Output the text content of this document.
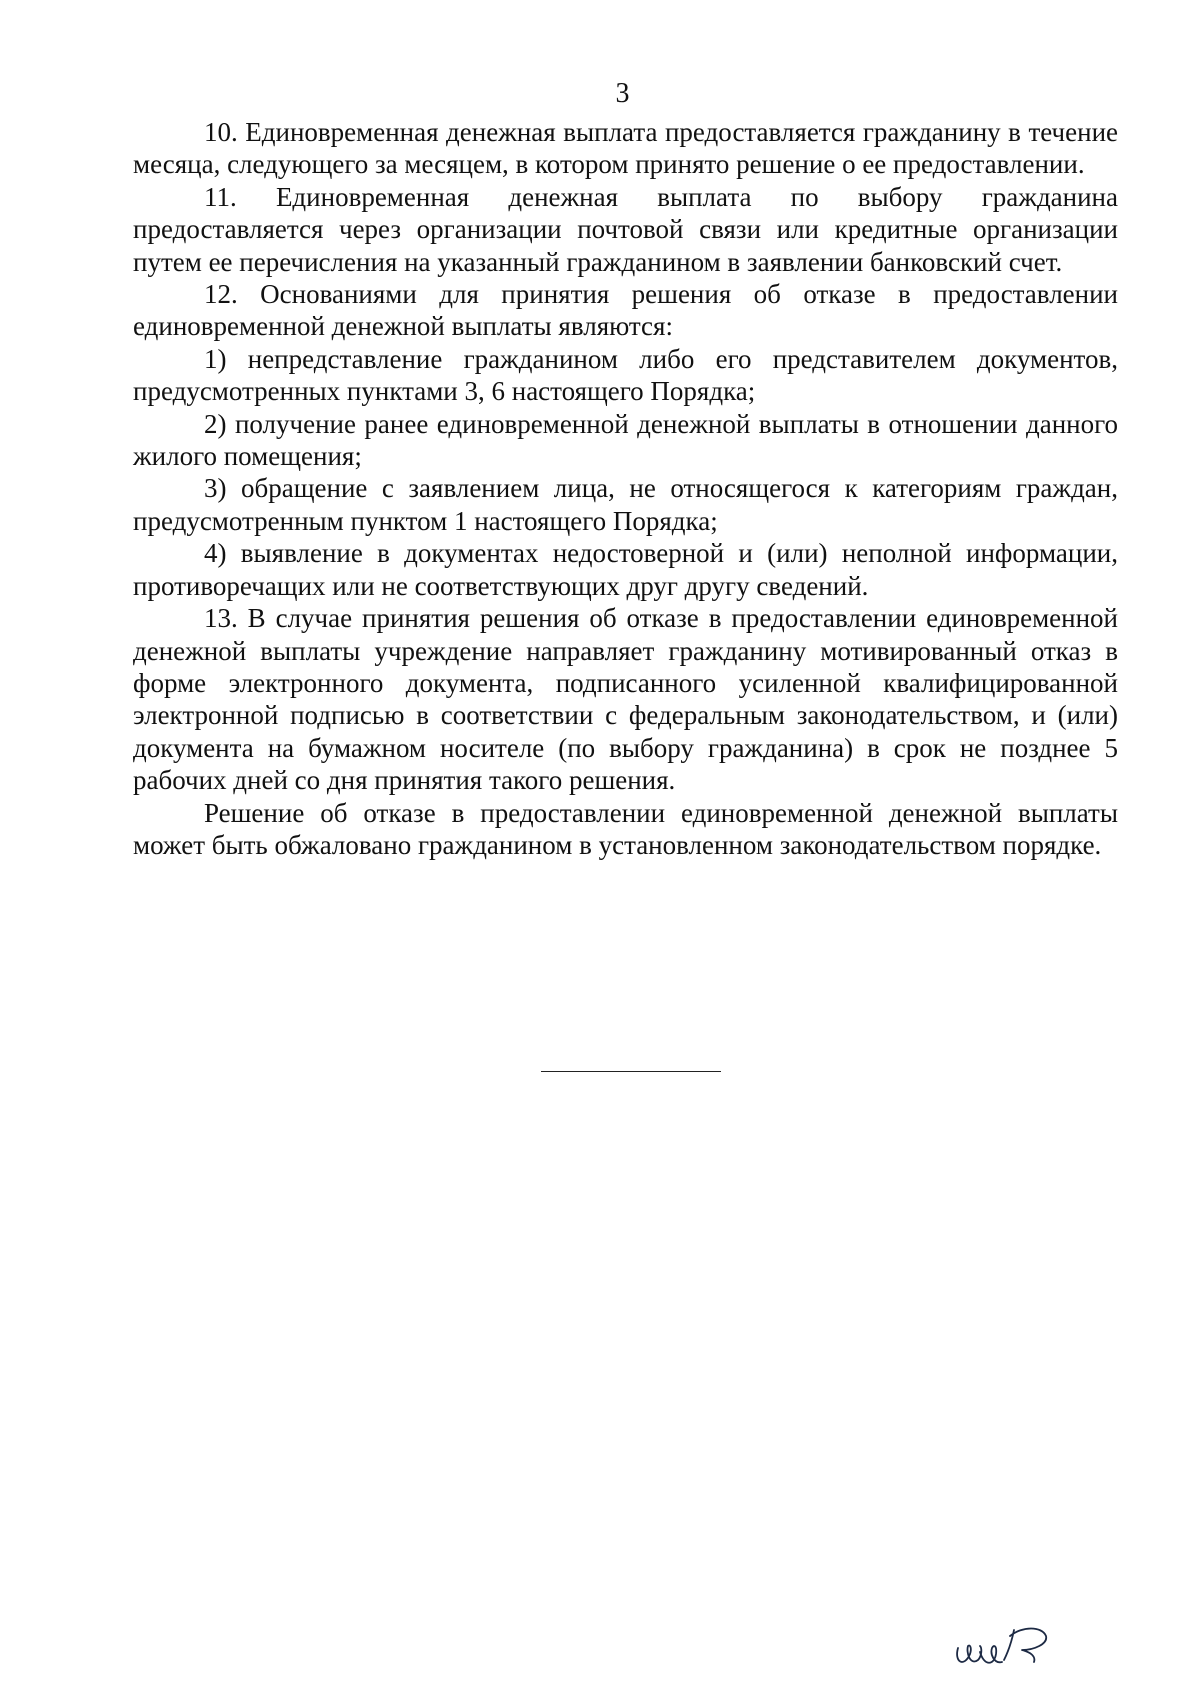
3

10. Единовременная денежная выплата предоставляется гражданину в течение месяца, следующего за месяцем, в котором принято решение о ее предоставлении.

11. Единовременная денежная выплата по выбору гражданина предоставляется через организации почтовой связи или кредитные организации путем ее перечисления на указанный гражданином в заявлении банковский счет.

12. Основаниями для принятия решения об отказе в предоставлении единовременной денежной выплаты являются:

1) непредставление гражданином либо его представителем документов, предусмотренных пунктами 3, 6 настоящего Порядка;

2) получение ранее единовременной денежной выплаты в отношении данного жилого помещения;

3) обращение с заявлением лица, не относящегося к категориям граждан, предусмотренным пунктом 1 настоящего Порядка;

4) выявление в документах недостоверной и (или) неполной информации, противоречащих или не соответствующих друг другу сведений.

13. В случае принятия решения об отказе в предоставлении единовременной денежной выплаты учреждение направляет гражданину мотивированный отказ в форме электронного документа, подписанного усиленной квалифицированной электронной подписью в соответствии с федеральным законодательством, и (или) документа на бумажном носителе (по выбору гражданина) в срок не позднее 5 рабочих дней со дня принятия такого решения.

Решение об отказе в предоставлении единовременной денежной выплаты может быть обжаловано гражданином в установленном законодательством порядке.
